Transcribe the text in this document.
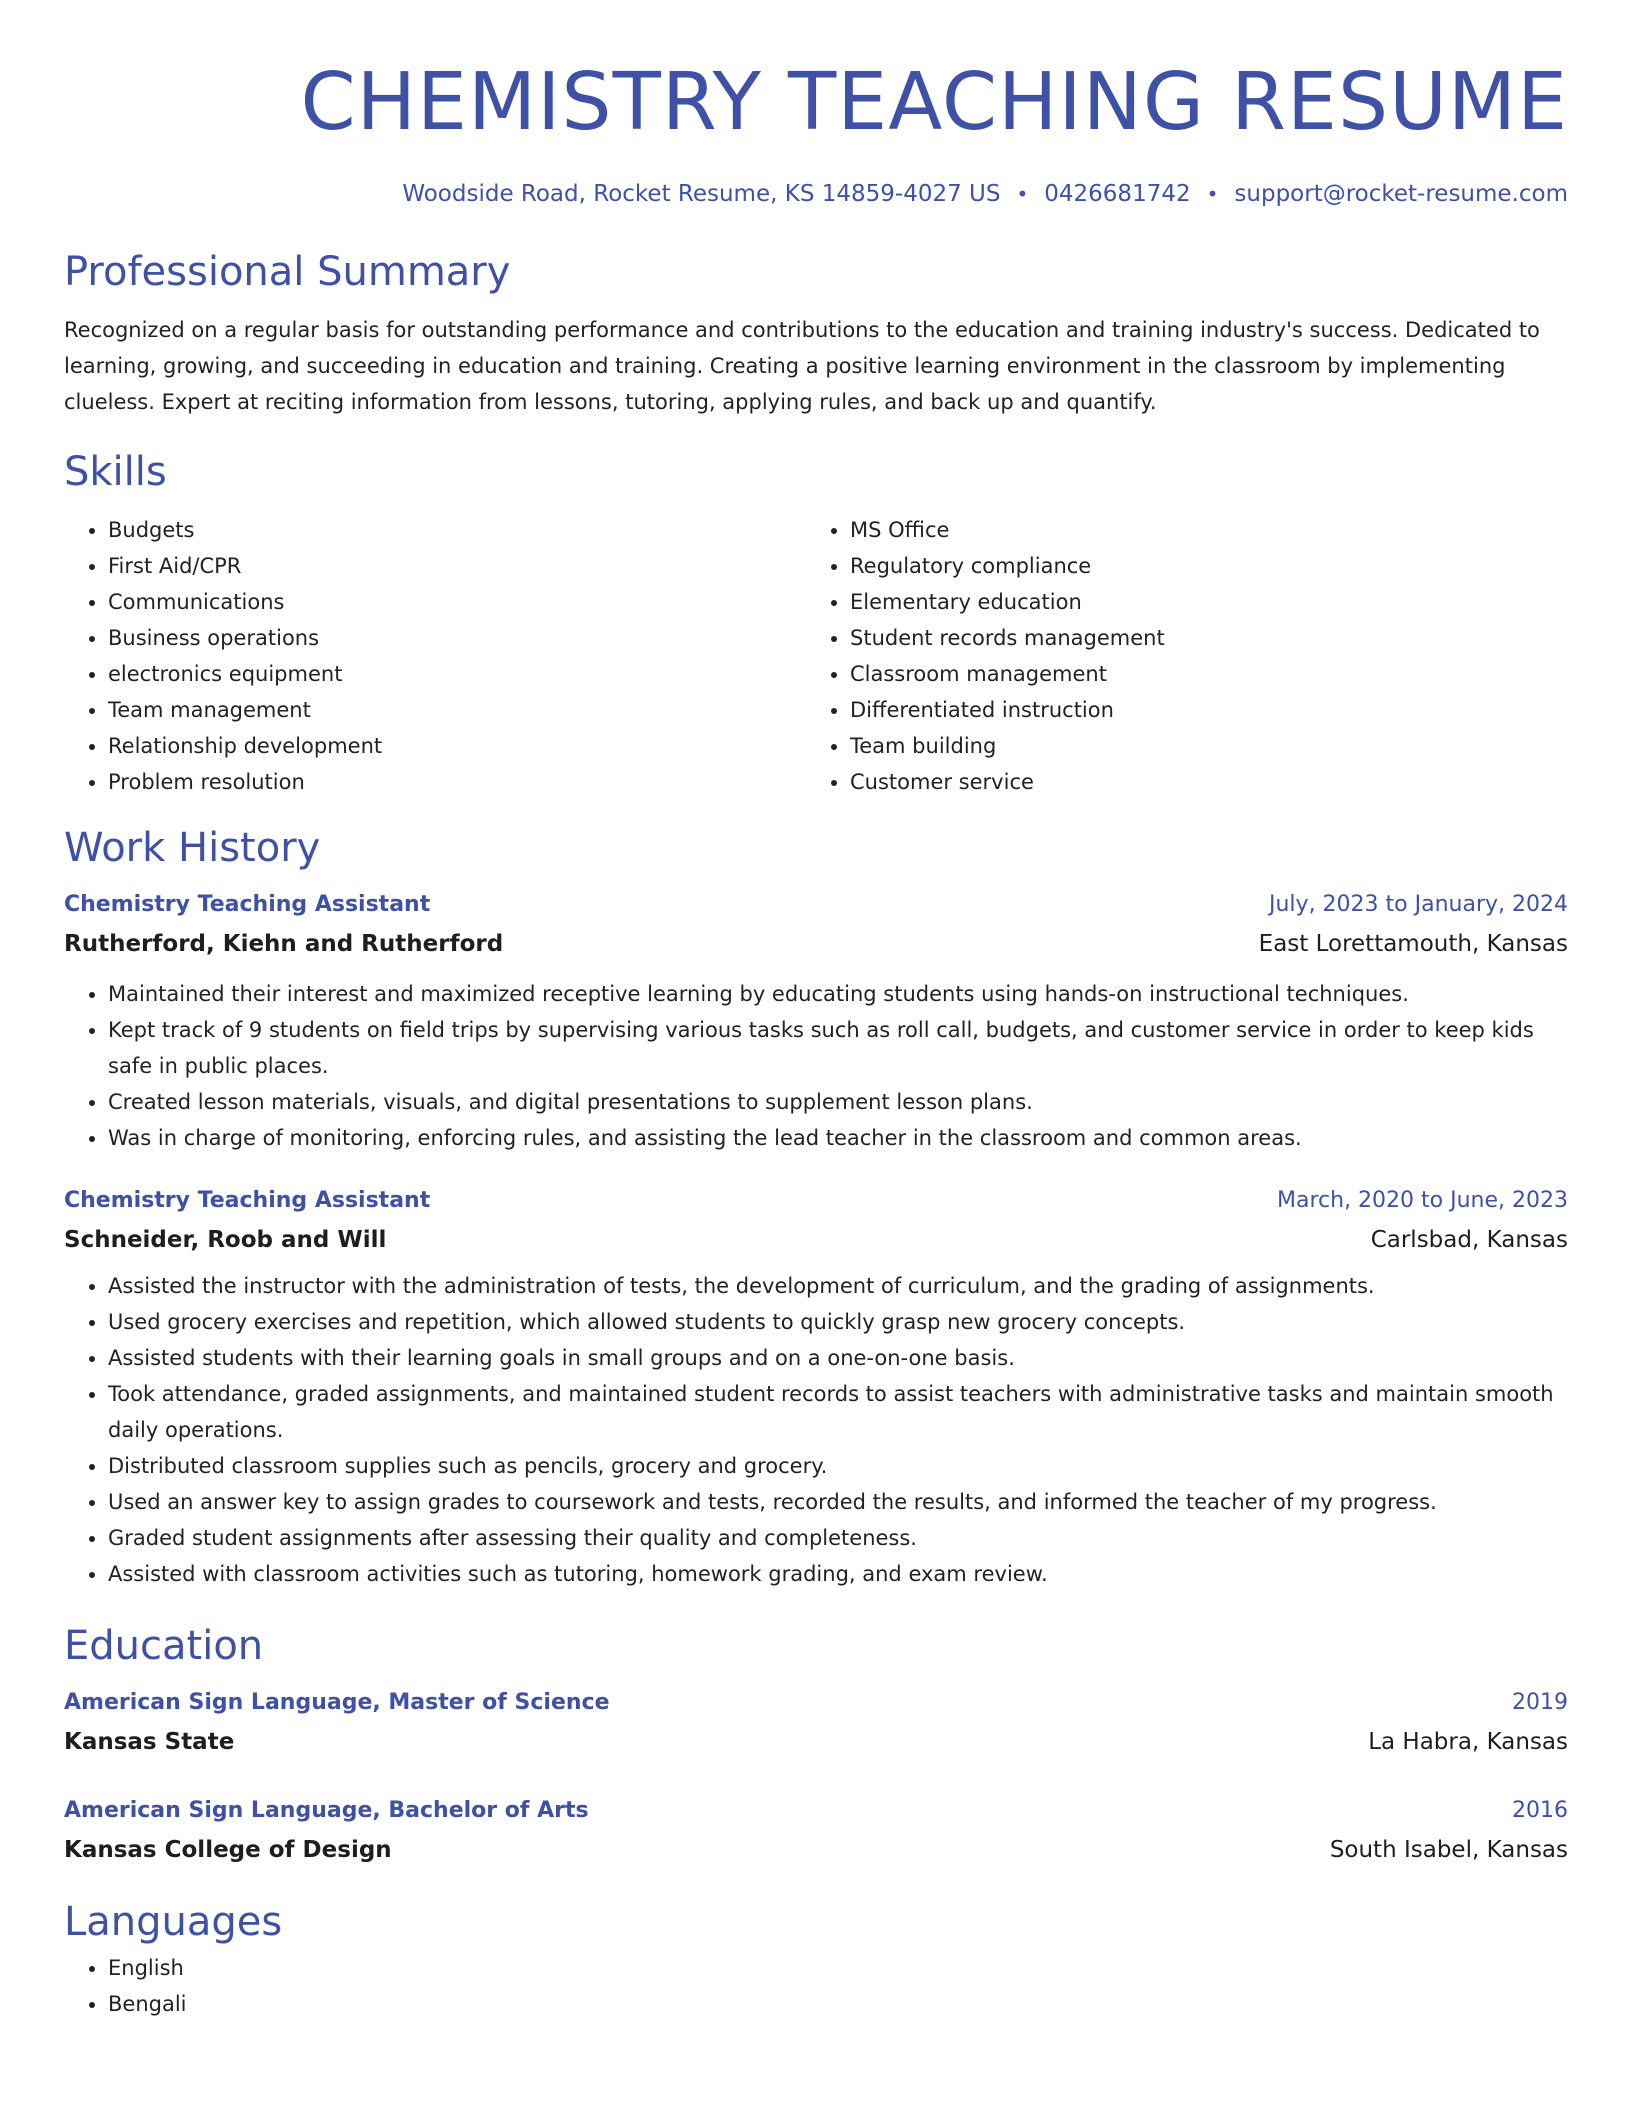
CHEMISTRY TEACHING RESUME
Woodside Road, Rocket Resume, KS 14859-4027 US • 0426681742 • support@rocket-resume.com
Professional Summary
Recognized on a regular basis for outstanding performance and contributions to the education and training industry's success. Dedicated to learning, growing, and succeeding in education and training. Creating a positive learning environment in the classroom by implementing clueless. Expert at reciting information from lessons, tutoring, applying rules, and back up and quantify.
Skills
• Budgets
• First Aid/CPR
• Communications
• Business operations
• electronics equipment
• Team management
• Relationship development
• Problem resolution
• MS Office
• Regulatory compliance
• Elementary education
• Student records management
• Classroom management
• Differentiated instruction
• Team building
• Customer service
Work History
Chemistry Teaching Assistant	July, 2023 to January, 2024
Rutherford, Kiehn and Rutherford	East Lorettamouth, Kansas
• Maintained their interest and maximized receptive learning by educating students using hands-on instructional techniques.
• Kept track of 9 students on field trips by supervising various tasks such as roll call, budgets, and customer service in order to keep kids safe in public places.
• Created lesson materials, visuals, and digital presentations to supplement lesson plans.
• Was in charge of monitoring, enforcing rules, and assisting the lead teacher in the classroom and common areas.
Chemistry Teaching Assistant	March, 2020 to June, 2023
Schneider, Roob and Will	Carlsbad, Kansas
• Assisted the instructor with the administration of tests, the development of curriculum, and the grading of assignments.
• Used grocery exercises and repetition, which allowed students to quickly grasp new grocery concepts.
• Assisted students with their learning goals in small groups and on a one-on-one basis.
• Took attendance, graded assignments, and maintained student records to assist teachers with administrative tasks and maintain smooth daily operations.
• Distributed classroom supplies such as pencils, grocery and grocery.
• Used an answer key to assign grades to coursework and tests, recorded the results, and informed the teacher of my progress.
• Graded student assignments after assessing their quality and completeness.
• Assisted with classroom activities such as tutoring, homework grading, and exam review.
Education
American Sign Language, Master of Science	2019
Kansas State	La Habra, Kansas
American Sign Language, Bachelor of Arts	2016
Kansas College of Design	South Isabel, Kansas
Languages
• English
• Bengali
